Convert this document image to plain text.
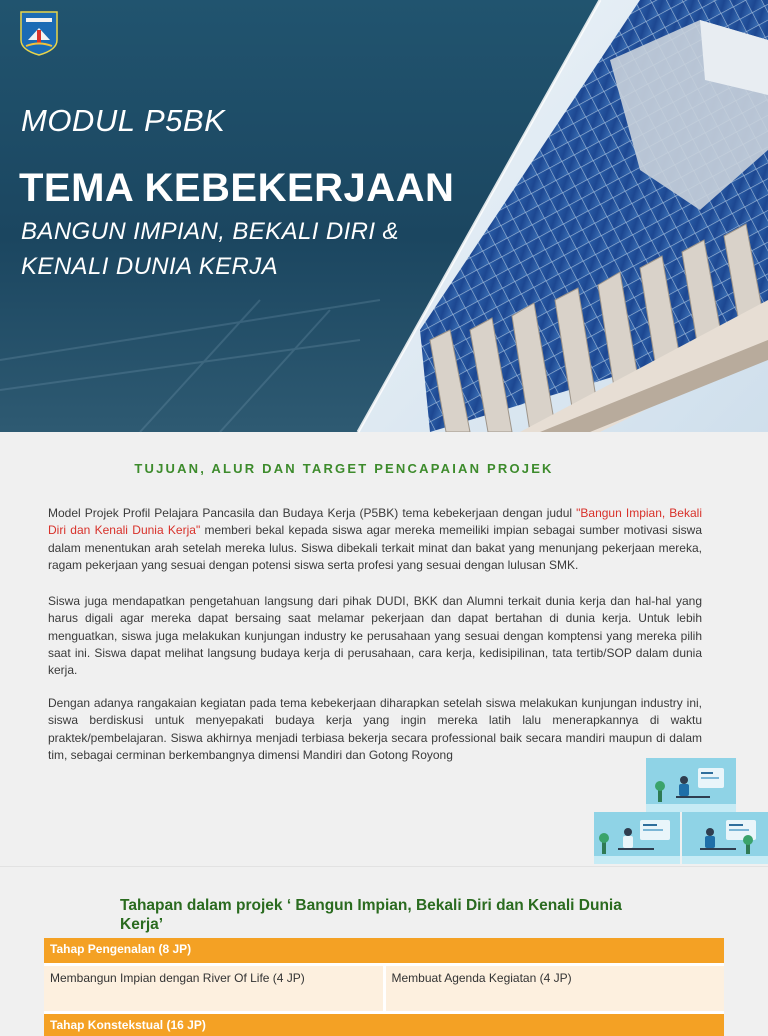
MODUL P5BK
TEMA KEBEKERJAAN
BANGUN IMPIAN, BEKALI DIRI &
KENALI DUNIA KERJA
TUJUAN, ALUR DAN TARGET PENCAPAIAN PROJEK

Model Projek Profil Pelajara Pancasila dan Budaya Kerja (P5BK) tema kebekerjaan dengan judul "Bangun Impian, Bekali Diri dan Kenali Dunia Kerja" memberi bekal kepada siswa agar mereka memeiliki impian sebagai sumber motivasi siswa dalam menentukan arah setelah mereka lulus. Siswa dibekali terkait minat dan bakat yang menunjang pekerjaan mereka, ragam pekerjaan yang sesuai dengan potensi siswa serta profesi yang sesuai dengan lulusan SMK.

Siswa juga mendapatkan pengetahuan langsung dari pihak DUDI, BKK dan Alumni terkait dunia kerja dan hal-hal yang harus digali agar mereka dapat bersaing saat melamar pekerjaan dan dapat bertahan di dunia kerja. Untuk lebih menguatkan, siswa juga melakukan kunjungan industry ke perusahaan yang sesuai dengan komptensi yang mereka pilih saat ini. Siswa dapat melihat langsung budaya kerja di perusahaan, cara kerja, kedisipilinan, tata tertib/SOP dalam dunia kerja.

Dengan adanya rangakaian kegiatan pada tema kebekerjaan diharapkan setelah siswa melakukan kunjungan industry ini, siswa berdiskusi untuk menyepakati budaya kerja yang ingin mereka latih lalu menerapkannya di waktu praktek/pembelajaran. Siswa akhirnya menjadi terbiasa bekerja secara professional baik secara mandiri maupun di dalam tim, sebagai cerminan berkembangnya dimensi Mandiri dan Gotong Royong

Tahapan dalam projek ‘ Bangun Impian, Bekali Diri dan Kenali Dunia Kerja’
Tahap Pengenalan (8 JP)
Membangun Impian dengan River Of Life (4 JP)	Membuat Agenda Kegiatan (4 JP)
Tahap Konstekstual (16 JP)
